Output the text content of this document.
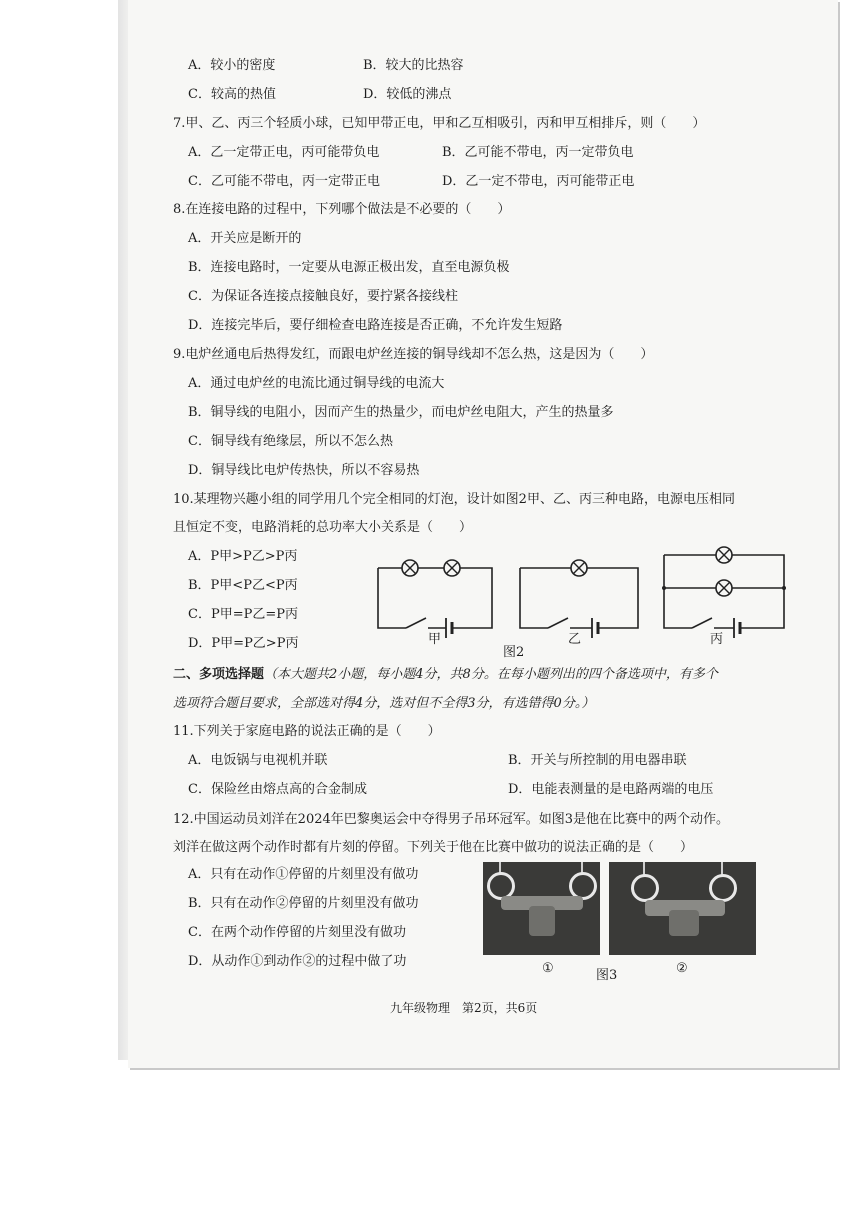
A．较小的密度	B．较大的比热容
C．较高的热值	D．较低的沸点
7.甲、乙、丙三个轻质小球，已知甲带正电，甲和乙互相吸引，丙和甲互相排斥，则（　　）
A．乙一定带正电，丙可能带负电	B．乙可能不带电，丙一定带负电
C．乙可能不带电，丙一定带正电	D．乙一定不带电，丙可能带正电
8.在连接电路的过程中，下列哪个做法是不必要的（　　）
A．开关应是断开的
B．连接电路时，一定要从电源正极出发，直至电源负极
C．为保证各连接点接触良好，要拧紧各接线柱
D．连接完毕后，要仔细检查电路连接是否正确，不允许发生短路
9.电炉丝通电后热得发红，而跟电炉丝连接的铜导线却不怎么热，这是因为（　　）
A．通过电炉丝的电流比通过铜导线的电流大
B．铜导线的电阻小，因而产生的热量少，而电炉丝电阻大，产生的热量多
C．铜导线有绝缘层，所以不怎么热
D．铜导线比电炉传热快，所以不容易热
10.某理物兴趣小组的同学用几个完全相同的灯泡，设计如图2甲、乙、丙三种电路，电源电压相同
且恒定不变，电路消耗的总功率大小关系是（　　）
A．P甲>P乙>P丙
B．P甲<P乙<P丙
C．P甲=P乙=P丙
D．P甲=P乙>P丙	甲
图2
乙	丙
二、多项选择题（本大题共2小题，每小题4分，共8分。在每小题列出的四个备选项中，有多个
选项符合题目要求，全部选对得4分，选对但不全得3分，有选错得0分。）
11.下列关于家庭电路的说法正确的是（　　）
A．电饭锅与电视机并联	B．开关与所控制的用电器串联
C．保险丝由熔点高的合金制成	D．电能表测量的是电路两端的电压
12.中国运动员刘洋在2024年巴黎奥运会中夺得男子吊环冠军。如图3是他在比赛中的两个动作。
刘洋在做这两个动作时都有片刻的停留。下列关于他在比赛中做功的说法正确的是（　　）
A．只有在动作①停留的片刻里没有做功
B．只有在动作②停留的片刻里没有做功
C．在两个动作停留的片刻里没有做功
D．从动作①到动作②的过程中做了功	①	图3	②
九年级物理　第2页，共6页
